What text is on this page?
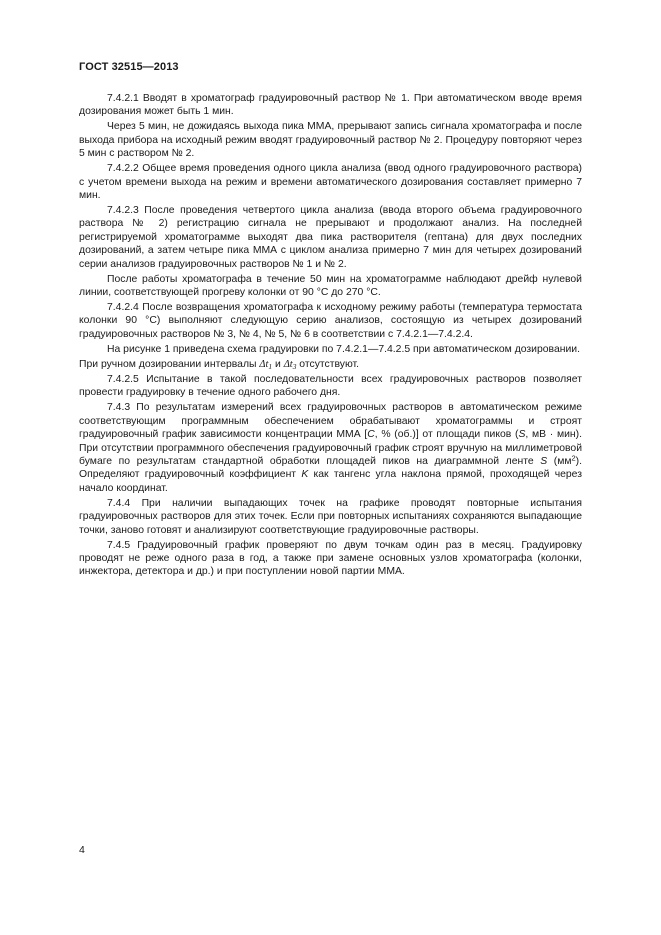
ГОСТ 32515—2013

7.4.2.1 Вводят в хроматограф градуировочный раствор № 1. При автоматическом вводе время дозирования может быть 1 мин.

Через 5 мин, не дожидаясь выхода пика ММА, прерывают запись сигнала хроматографа и после выхода прибора на исходный режим вводят градуировочный раствор № 2. Процедуру повторяют через 5 мин с раствором № 2.

7.4.2.2 Общее время проведения одного цикла анализа (ввод одного градуировочного раствора) с учетом времени выхода на режим и времени автоматического дозирования составляет примерно 7 мин.

7.4.2.3 После проведения четвертого цикла анализа (ввода второго объема градуировочного раствора № 2) регистрацию сигнала не прерывают и продолжают анализ. На последней регистрируемой хроматограмме выходят два пика растворителя (гептана) для двух последних дозирований, а затем четыре пика ММА с циклом анализа примерно 7 мин для четырех дозирований серии анализов градуировочных растворов № 1 и № 2.

После работы хроматографа в течение 50 мин на хроматограмме наблюдают дрейф нулевой линии, соответствующей прогреву колонки от 90 °С до 270 °С.

7.4.2.4 После возвращения хроматографа к исходному режиму работы (температура термостата колонки 90 °С) выполняют следующую серию анализов, состоящую из четырех дозирований градуировочных растворов № 3, № 4, № 5, № 6 в соответствии с 7.4.2.1—7.4.2.4.

На рисунке 1 приведена схема градуировки по 7.4.2.1—7.4.2.5 при автоматическом дозировании.

При ручном дозировании интервалы $\Delta t_1$ и $\Delta t_3$ отсутствуют.

7.4.2.5 Испытание в такой последовательности всех градуировочных растворов позволяет провести градуировку в течение одного рабочего дня.

7.4.3 По результатам измерений всех градуировочных растворов в автоматическом режиме соответствующим программным обеспечением обрабатывают хроматограммы и строят градуировочный график зависимости концентрации ММА [C, % (об.)] от площади пиков (S, мВ · мин). При отсутствии программного обеспечения градуировочный график строят вручную на миллиметровой бумаге по результатам стандартной обработки площадей пиков на диаграммной ленте S $(мм^2)$. Определяют градуировочный коэффициент K как тангенс угла наклона прямой, проходящей через начало координат.

7.4.4 При наличии выпадающих точек на графике проводят повторные испытания градуировочных растворов для этих точек. Если при повторных испытаниях сохраняются выпадающие точки, заново готовят и анализируют соответствующие градуировочные растворы.

7.4.5 Градуировочный график проверяют по двум точкам один раз в месяц. Градуировку проводят не реже одного раза в год, а также при замене основных узлов хроматографа (колонки, инжектора, детектора и др.) и при поступлении новой партии ММА.

4
